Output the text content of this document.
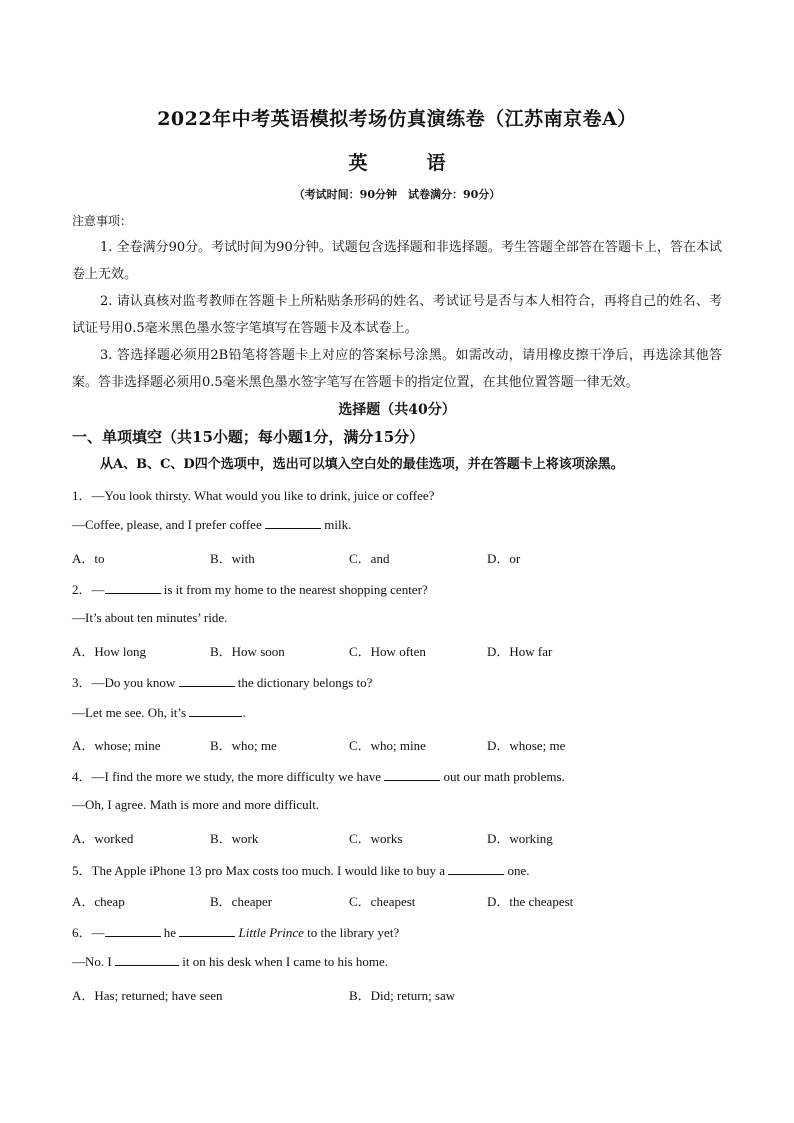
2022年中考英语模拟考场仿真演练卷（江苏南京卷A）
英　语
（考试时间：90分钟　试卷满分：90分）
注意事项：
1. 全卷满分90分。考试时间为90分钟。试题包含选择题和非选择题。考生答题全部答在答题卡上，答在本试卷上无效。
2. 请认真核对监考教师在答题卡上所粘贴条形码的姓名、考试证号是否与本人相符合，再将自己的姓名、考试证号用0.5毫米黑色墨水签字笔填写在答题卡及本试卷上。
3. 答选择题必须用2B铅笔将答题卡上对应的答案标号涂黑。如需改动，请用橡皮擦干净后，再选涂其他答案。答非选择题必须用0.5毫米黑色墨水签字笔写在答题卡的指定位置，在其他位置答题一律无效。
选择题（共40分）
一、单项填空（共15小题；每小题1分，满分15分）
从A、B、C、D四个选项中，选出可以填入空白处的最佳选项，并在答题卡上将该项涂黑。
1．—You look thirsty. What would you like to drink, juice or coffee?
—Coffee, please, and I prefer coffee	milk.
A．to	B．with	C．and	D．or
2．—	is it from my home to the nearest shopping center?
—It’s about ten minutes’ ride.
A．How long	B．How soon	C．How often	D．How far
3．—Do you know	the dictionary belongs to?
—Let me see. Oh, it’s	.
A．whose; mine	B．who; me	C．who; mine	D．whose; me
4．—I find the more we study, the more difficulty we have	out our math problems.
—Oh, I agree. Math is more and more difficult.
A．worked	B．work	C．works	D．working
5．The Apple iPhone 13 pro Max costs too much. I would like to buy a	one.
A．cheap	B．cheaper	C．cheapest	D．the cheapest
6．—	he	Little Prince to the library yet?
—No. I	it on his desk when I came to his home.
A．Has; returned; have seen	B．Did; return; saw
